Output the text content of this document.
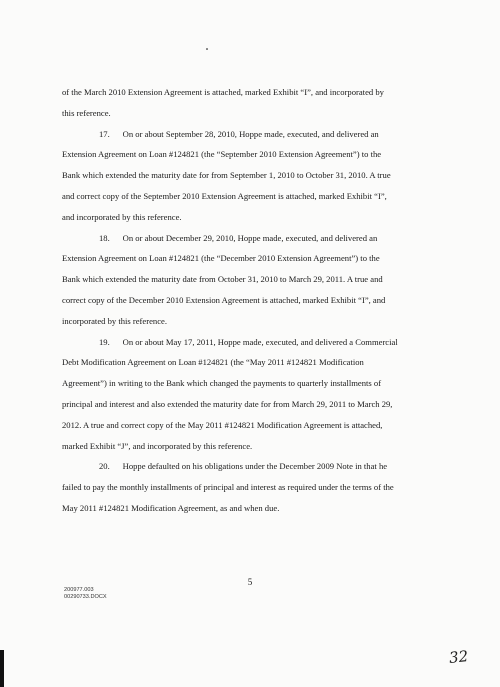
of the March 2010 Extension Agreement is attached, marked Exhibit “I”, and incorporated by
this reference.
17.      On or about September 28, 2010, Hoppe made, executed, and delivered an
Extension Agreement on Loan #124821 (the “September 2010 Extension Agreement”) to the
Bank which extended the maturity date for from September 1, 2010 to October 31, 2010. A true
and correct copy of the September 2010 Extension Agreement is attached, marked Exhibit “I”,
and incorporated by this reference.
18.      On or about December 29, 2010, Hoppe made, executed, and delivered an
Extension Agreement on Loan #124821 (the “December 2010 Extension Agreement”) to the
Bank which extended the maturity date from October 31, 2010 to March 29, 2011. A true and
correct copy of the December 2010 Extension Agreement is attached, marked Exhibit “I”, and
incorporated by this reference.
19.      On or about May 17, 2011, Hoppe made, executed, and delivered a Commercial
Debt Modification Agreement on Loan #124821 (the “May 2011 #124821 Modification
Agreement”) in writing to the Bank which changed the payments to quarterly installments of
principal and interest and also extended the maturity date for from March 29, 2011 to March 29,
2012. A true and correct copy of the May 2011 #124821 Modification Agreement is attached,
marked Exhibit “J”, and incorporated by this reference.
20.      Hoppe defaulted on his obligations under the December 2009 Note in that he
failed to pay the monthly installments of principal and interest as required under the terms of the
May 2011 #124821 Modification Agreement, as and when due.
5
200977.003
00290733.DOCX
32
